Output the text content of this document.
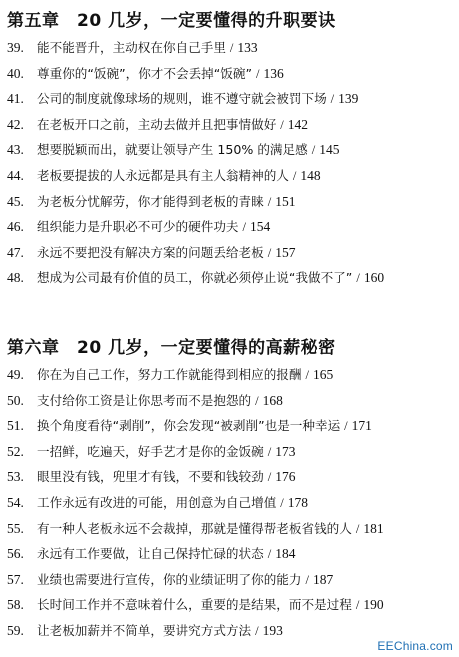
第五章　20 几岁，一定要懂得的升职要诀
39. 能不能晋升，主动权在你自己手里 / 133
40. 尊重你的“饭碗”，你才不会丢掉“饭碗” / 136
41. 公司的制度就像球场的规则，谁不遵守就会被罚下场 / 139
42. 在老板开口之前，主动去做并且把事情做好 / 142
43. 想要脱颖而出，就要让领导产生 150% 的满足感 / 145
44. 老板要提拔的人永远都是具有主人翁精神的人 / 148
45. 为老板分忧解劳，你才能得到老板的青睐 / 151
46. 组织能力是升职必不可少的硬件功夫 / 154
47. 永远不要把没有解决方案的问题丢给老板 / 157
48. 想成为公司最有价值的员工，你就必须停止说“我做不了” / 160
第六章　20 几岁，一定要懂得的高薪秘密
49. 你在为自己工作，努力工作就能得到相应的报酬 / 165
50. 支付给你工资是让你思考而不是抱怨的 / 168
51. 换个角度看待“剥削”，你会发现“被剥削”也是一种幸运 / 171
52. 一招鲜，吃遍天，好手艺才是你的金饭碗 / 173
53. 眼里没有钱，兜里才有钱，不要和钱较劲 / 176
54. 工作永远有改进的可能，用创意为自己增值 / 178
55. 有一种人老板永远不会裁掉，那就是懂得帮老板省钱的人 / 181
56. 永远有工作要做，让自己保持忙碌的状态 / 184
57. 业绩也需要进行宣传，你的业绩证明了你的能力 / 187
58. 长时间工作并不意味着什么，重要的是结果，而不是过程 / 190
59. 让老板加薪并不简单，要讲究方式方法 / 193
EEChina.com
